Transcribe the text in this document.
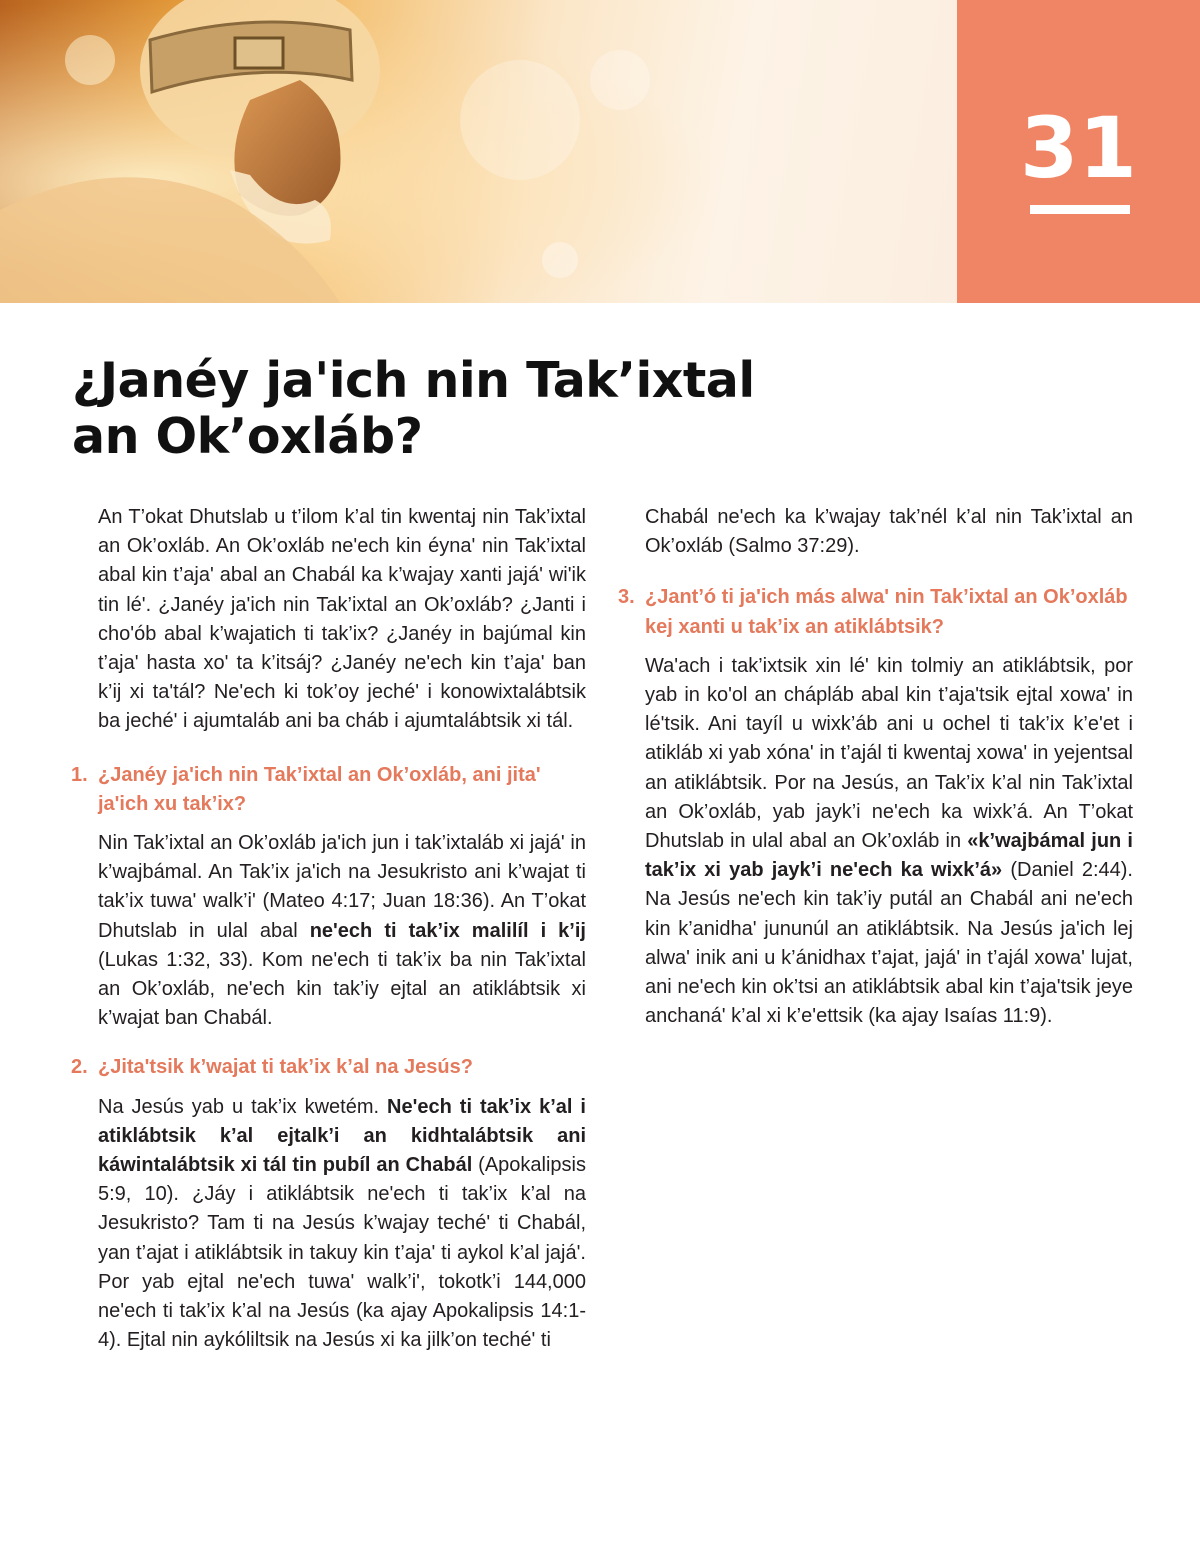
31
¿Janéy ja'ich nin Tak’ixtal
an Ok’oxláb?

An T’okat Dhutslab u t’ilom k’al tin kwentaj nin Tak’ixtal an Ok’oxláb. An Ok’oxláb ne'ech kin éyna' nin Tak’ixtal abal kin t’aja' abal an Chabál ka k’wajay xanti jajá' wi'ik tin lé'. ¿Janéy ja'ich nin Tak’ixtal an Ok’oxláb? ¿Janti i cho'ób abal k’wajatich ti tak’ix? ¿Janéy in bajúmal kin t’aja' hasta xo' ta k’itsáj? ¿Janéy ne'ech kin t’aja' ban k’ij xi ta'tál? Ne'ech ki tok’oy jeché' i konowixtalábtsik ba jeché' i ajumtaláb ani ba cháb i ajumtalábtsik xi tál.

1. ¿Janéy ja'ich nin Tak’ixtal an Ok’oxláb, ani jita' ja'ich xu tak’ix?

Nin Tak’ixtal an Ok’oxláb ja'ich jun i tak’ixtaláb xi jajá' in k’wajbámal. An Tak’ix ja'ich na Jesukristo ani k’wajat ti tak’ix tuwa' walk’i' (Mateo 4:17; Juan 18:36). An T’okat Dhutslab in ulal abal ne'ech ti tak’ix malilíl i k’ij (Lukas 1:32, 33). Kom ne'ech ti tak’ix ba nin Tak’ixtal an Ok’oxláb, ne'ech kin tak’iy ejtal an atiklábtsik xi k’wajat ban Chabál.

2. ¿Jita'tsik k’wajat ti tak’ix k’al na Jesús?

Na Jesús yab u tak’ix kwetém. Ne'ech ti tak’ix k’al i atiklábtsik k’al ejtalk’i an kidhtalábtsik ani káwintalábtsik xi tál tin pubíl an Chabál (Apokalipsis 5:9, 10). ¿Jáy i atiklábtsik ne'ech ti tak’ix k’al na Jesukristo? Tam ti na Jesús k’wajay teché' ti Chabál, yan t’ajat i atiklábtsik in takuy kin t’aja' ti aykol k’al jajá'. Por yab ejtal ne'ech tuwa' walk’i', tokotk’i 144,000 ne'ech ti tak’ix k’al na Jesús (ka ajay Apokalipsis 14:1-4). Ejtal nin aykóliltsik na Jesús xi ka jilk’on teché' ti

Chabál ne'ech ka k’wajay tak’nél k’al nin Tak’ixtal an Ok’oxláb (Salmo 37:29).

3. ¿Jant’ó ti ja'ich más alwa' nin Tak’ixtal an Ok’oxláb kej xanti u tak’ix an atiklábtsik?

Wa'ach i tak’ixtsik xin lé' kin tolmiy an atiklábtsik, por yab in ko'ol an chápláb abal kin t’aja'tsik ejtal xowa' in lé'tsik. Ani tayíl u wixk’áb ani u ochel ti tak’ix k’e'et i atikláb xi yab xóna' in t’ajál ti kwentaj xowa' in yejentsal an atiklábtsik. Por na Jesús, an Tak’ix k’al nin Tak’ixtal an Ok’oxláb, yab jayk’i ne'ech ka wixk’á. An T’okat Dhutslab in ulal abal an Ok’oxláb in «k’wajbámal jun i tak’ix xi yab jayk’i ne'ech ka wixk’á» (Daniel 2:44). Na Jesús ne'ech kin tak’iy putál an Chabál ani ne'ech kin k’anidha' jununúl an atiklábtsik. Na Jesús ja'ich lej alwa' inik ani u k’ánidhax t’ajat, jajá' in t’ajál xowa' lujat, ani ne'ech kin ok’tsi an atiklábtsik abal kin t’aja'tsik jeye anchaná' k’al xi k’e'ettsik (ka ajay Isaías 11:9).
